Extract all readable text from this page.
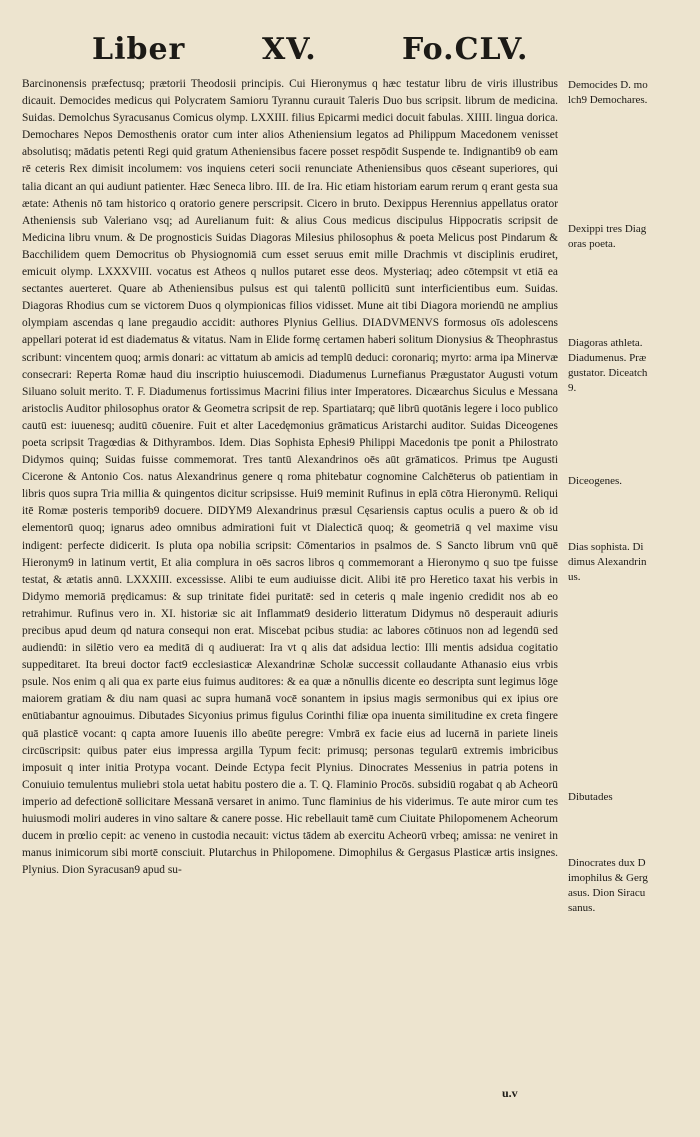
Liber	XV.	Fo.CLV.

Barcinonensis præfectusq; prætorii Theodosii principis. Cui Hieronymus q hæc testatur libru de viris illustribus dicauit. Democides medicus qui Polycratem Samioru Tyrannu curauit Taleris Duo bus scripsit. librum de medicina. Suidas. Demolchus Syracusanus Comicus olymp. LXXIII. filius Epicarmi medici docuit fabulas. XIIII. lingua dorica. Demochares Nepos Demosthenis orator cum inter alios Atheniensium legatos ad Philippum Macedonem venisset absolutisq; mādatis petenti Regi quid gratum Atheniensibus facere posset respōdit Suspende te. Indignantib9 ob eam rē ceteris Rex dimisit incolumem: vos inquiens ceteri socii renunciate Atheniensibus quos cēseant superiores, qui talia dicant an qui audiunt patienter. Hæc Seneca libro. III. de Ira. Hic etiam historiam earum rerum q erant gesta sua ætate: Athenis nō tam historico q oratorio genere perscripsit. Cicero in bruto. Dexippus Herennius appellatus orator Atheniensis sub Valeriano vsq; ad Aurelianum fuit: & alius Cous medicus discipulus Hippocratis scripsit de Medicina libru vnum. & De prognosticis Suidas Diagoras Milesius philosophus & poeta Melicus post Pindarum & Bacchilidem quem Democritus ob Physiognomiā cum esset seruus emit mille Drachmis vt disciplinis erudiret, emicuit olymp. LXXXVIII. vocatus est Atheos q nullos putaret esse deos. Mysteriaq; adeo cōtempsit vt etiā ea sectantes auerteret. Quare ab Atheniensibus pulsus est qui talentū pollicitū sunt interficientibus eum. Suidas. Diagoras Rhodius cum se victorem Duos q olympionicas filios vidisset. Mune ait tibi Diagora moriendū ne amplius olympiam ascendas q lane pregaudio accidit: authores Plynius Gellius. DIADVMENVS formosus oīs adolescens appellari poterat id est diadematus & vitatus. Nam in Elide formę certamen haberi solitum Dionysius & Theophrastus scribunt: vincentem quoq; armis donari: ac vittatum ab amicis ad templū deduci: coronariq; myrto: arma ipa Minervæ consecrari: Reperta Romæ haud diu inscriptio huiuscemodi. Diadumenus Lurnefianus Prægustator Augusti votum Siluano soluit merito. T. F. Diadumenus fortissimus Macrini filius inter Imperatores. Dicæarchus Siculus e Messana aristoclis Auditor philosophus orator & Geometra scripsit de rep. Spartiatarq; quē librū quotānis legere i loco publico cautū est: iuuenesq; auditū cōuenire. Fuit et alter Lacedęmonius grāmaticus Aristarchi auditor. Suidas Diceogenes poeta scripsit Tragœdias & Dithyrambos. Idem. Dias Sophista Ephesi9 Philippi Macedonis tpe ponit a Philostrato Didymos quinq; Suidas fuisse commemorat. Tres tantū Alexandrinos oēs aūt grāmaticos. Primus tpe Augusti Cicerone & Antonio Cos. natus Alexandrinus genere q roma phitebatur cognomine Calchēterus ob patientiam in libris quos supra Tria millia & quingentos dicitur scripsisse. Hui9 meminit Rufinus in eplā cōtra Hieronymū. Reliqui itē Romæ posteris temporib9 docuere. DIDYM9 Alexandrinus præsul Cęsariensis captus oculis a puero & ob id elementorū quoq; ignarus adeo omnibus admirationi fuit vt Dialecticā quoq; & geometriā q vel maxime visu indigent: perfecte didicerit. Is pluta opa nobilia scripsit: Cōmentarios in psalmos de. S Sancto librum vnū quē Hieronym9 in latinum vertit, Et alia complura in oēs sacros libros q commemorant a Hieronymo q suo tpe fuisse testat, & ætatis annū. LXXXIII. excessisse. Alibi te eum audiuisse dicit. Alibi itē pro Heretico taxat his verbis in Didymo memoriā prędicamus: & sup trinitate fidei puritatē: sed in ceteris q male ingenio credidit nos ab eo retrahimur. Rufinus vero in. XI. historiæ sic ait Inflammat9 desiderio litteratum Didymus nō desperauit adiuris precibus apud deum qd natura consequi non erat. Miscebat pcibus studia: ac labores cōtinuos non ad legendū sed audiendū: in silētio vero ea meditā di q audiuerat: Ira vt q alis dat adsidua lectio: Illi mentis adsidua cogitatio suppeditaret. Ita breui doctor fact9 ecclesiasticæ Alexandrinæ Scholæ successit collaudante Athanasio eius vrbis psule. Nos enim q ali qua ex parte eius fuimus auditores: & ea quæ a nōnullis dicente eo descripta sunt legimus lōge maiorem gratiam & diu nam quasi ac supra humanā vocē sonantem in ipsius magis sermonibus qui ex ipius ore enūtiabantur agnouimus. Dibutades Sicyonius primus figulus Corinthi filiæ opa inuenta similitudine ex creta fingere quā plasticē vocant: q capta amore Iuuenis illo abeūte peregre: Vmbrā ex facie eius ad lucernā in pariete lineis circūscripsit: quibus pater eius impressa argilla Typum fecit: primusq; personas tegularū extremis imbricibus imposuit q inter initia Protypa vocant. Deinde Ectypa fecit Plynius. Dinocrates Messenius in patria potens in Conuiuio temulentus muliebri stola uetat habitu postero die a. T. Q. Flaminio Procōs. subsidiū rogabat q ab Acheorū imperio ad defectionē sollicitare Messanā versaret in animo. Tunc flaminius de his viderimus. Te aute miror cum tes huiusmodi moliri auderes in vino saltare & canere posse. Hic rebellauit tamē cum Ciuitate Philopomenem Acheorum ducem in prœlio cepit: ac veneno in custodia necauit: victus tādem ab exercitu Acheorū vrbeq; amissa: ne veniret in manus inimicorum sibi mortē consciuit. Plutarchus in Philopomene. Dimophilus & Gergasus Plasticæ artis insignes. Plynius. Dion Syracusan9 apud su-

Democides D. molch9 Demochares.
Dexippi tres Diagoras poeta.
Diagoras athleta. Diadumenus. Prægustator. Diceatch9.
Diceogenes.
Dias sophista. Didimus Alexandrinus.
Dibutades
Dinocrates dux Dimophilus & Gergasus. Dion Siracusanus.
u.v
